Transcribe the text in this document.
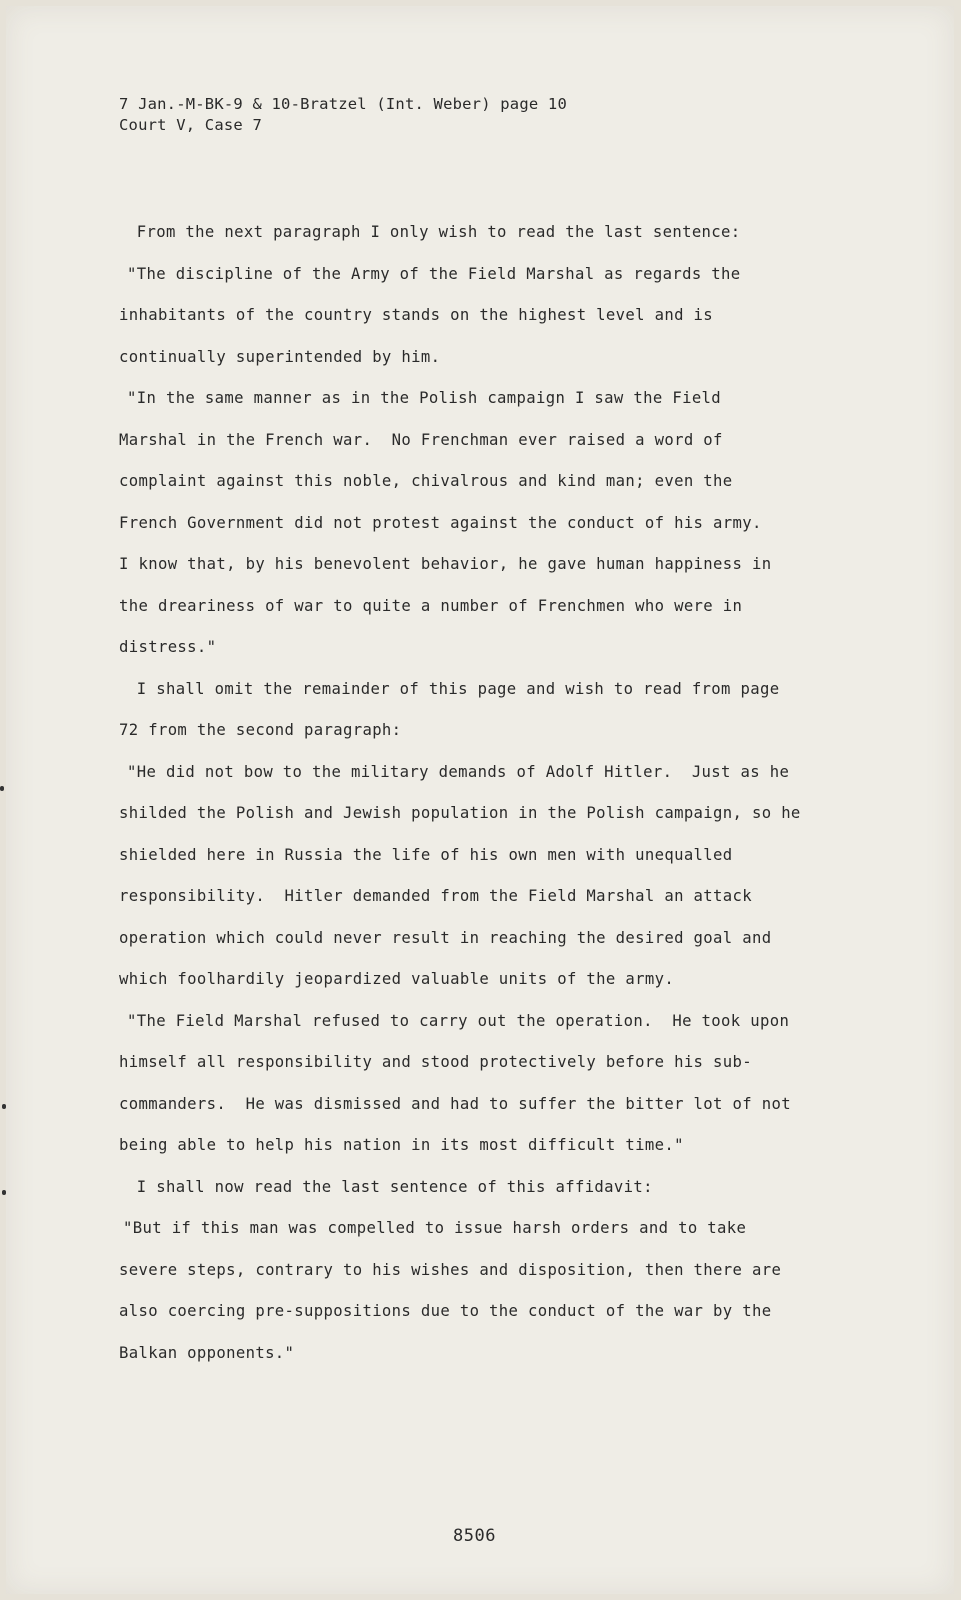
7 Jan.-M-BK-9 & 10-Bratzel (Int. Weber) page 10
Court V, Case 7
From the next paragraph I only wish to read the last sentence:
"The discipline of the Army of the Field Marshal as regards the
inhabitants of the country stands on the highest level and is
continually superintended by him.
"In the same manner as in the Polish campaign I saw the Field
Marshal in the French war.  No Frenchman ever raised a word of
complaint against this noble, chivalrous and kind man; even the
French Government did not protest against the conduct of his army.
I know that, by his benevolent behavior, he gave human happiness in
the dreariness of war to quite a number of Frenchmen who were in
distress."
I shall omit the remainder of this page and wish to read from page
72 from the second paragraph:
"He did not bow to the military demands of Adolf Hitler.  Just as he
shilded the Polish and Jewish population in the Polish campaign, so he
shielded here in Russia the life of his own men with unequalled
responsibility.  Hitler demanded from the Field Marshal an attack
operation which could never result in reaching the desired goal and
which foolhardily jeopardized valuable units of the army.
"The Field Marshal refused to carry out the operation.  He took upon
himself all responsibility and stood protectively before his sub-
commanders.  He was dismissed and had to suffer the bitter lot of not
being able to help his nation in its most difficult time."
I shall now read the last sentence of this affidavit:
"But if this man was compelled to issue harsh orders and to take
severe steps, contrary to his wishes and disposition, then there are
also coercing pre-suppositions due to the conduct of the war by the
Balkan opponents."
8506
